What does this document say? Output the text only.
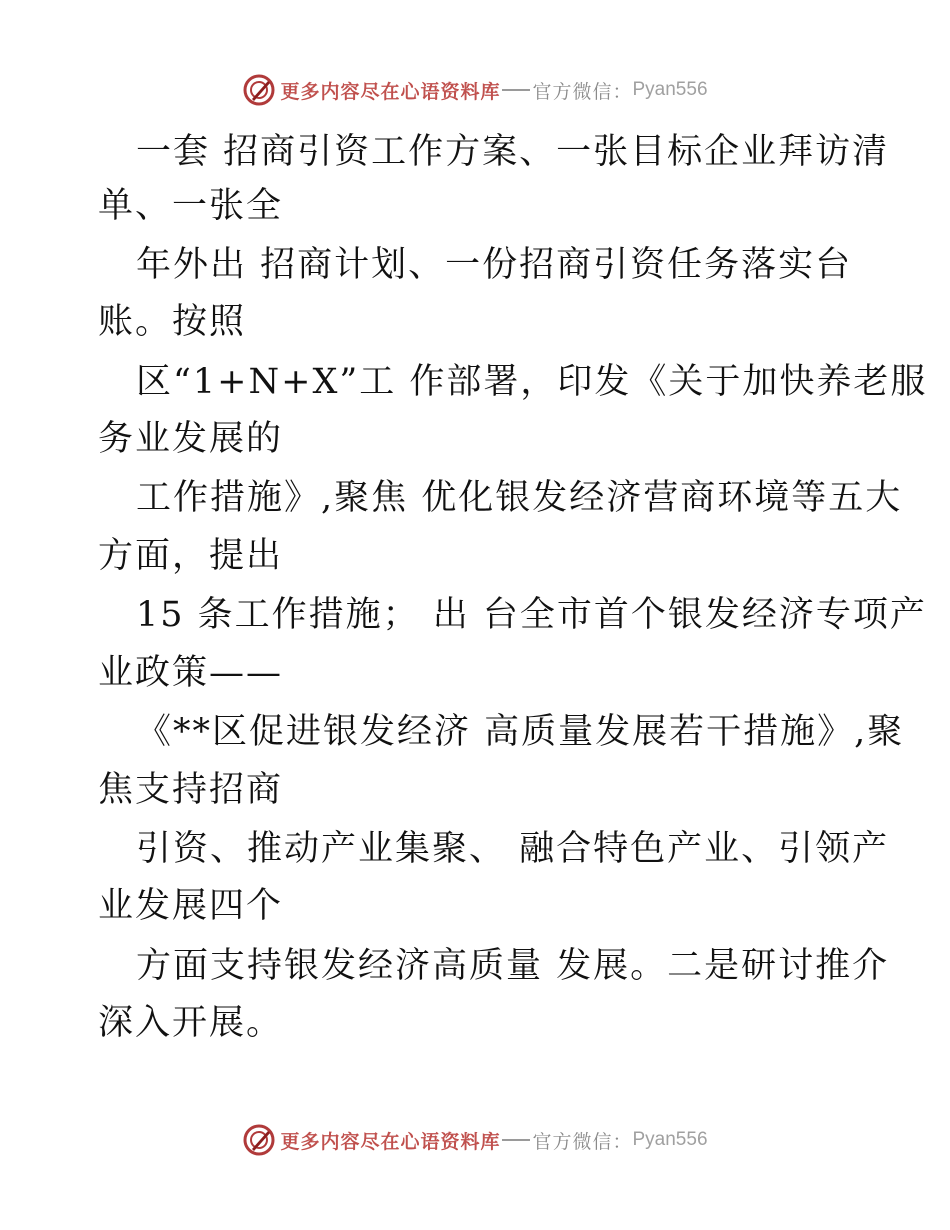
更多内容尽在心语资料库 官方微信： Pyan556
一套 招商引资工作方案、一张目标企业拜访清
单、一张全
年外出 招商计划、一份招商引资任务落实台
账。按照
区“1+N+X”工 作部署，印发《关于加快养老服
务业发展的
工作措施》,聚焦 优化银发经济营商环境等五大
方面，提出
15 条工作措施； 出 台全市首个银发经济专项产
业政策——
《**区促进银发经济 高质量发展若干措施》,聚
焦支持招商
引资、推动产业集聚、 融合特色产业、引领产
业发展四个
方面支持银发经济高质量 发展。二是研讨推介
深入开展。
更多内容尽在心语资料库 官方微信： Pyan556
